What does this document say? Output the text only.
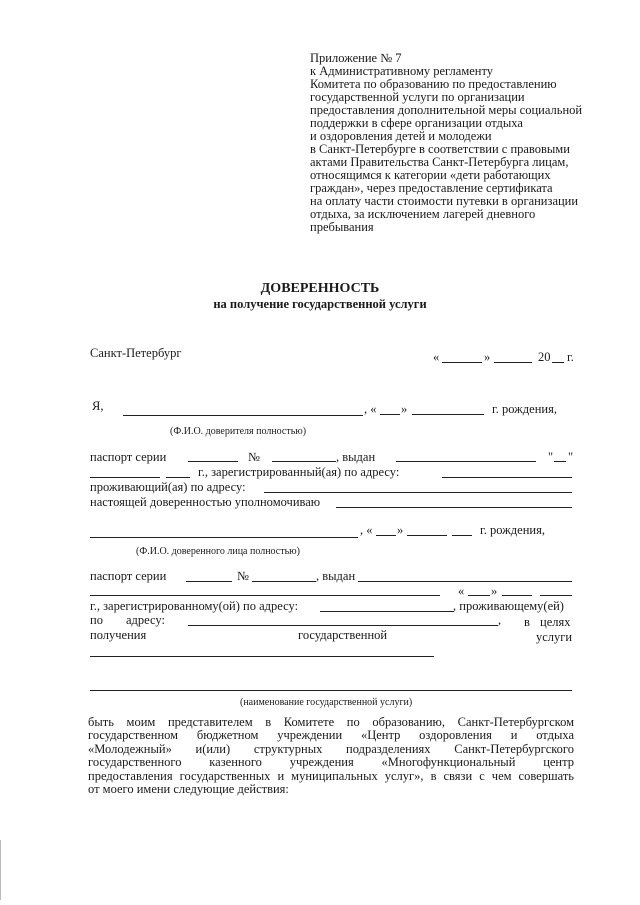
Приложение № 7
к Административному регламенту
Комитета по образованию по предоставлению
государственной услуги по организации
предоставления дополнительной меры социальной
поддержки в сфере организации отдыха
и оздоровления детей и молодежи
в Санкт-Петербурге в соответствии с правовыми
актами Правительства Санкт-Петербурга лицам,
относящимся к категории «дети работающих
граждан», через предоставление сертификата
на оплату части стоимости путевки в организации
отдыха, за исключением лагерей дневного
пребывания
ДОВЕРЕННОСТЬ
на получение государственной услуги
Санкт-Петербург	«	»	20 г.
Я,	, « »	г. рождения,
(Ф.И.О. доверителя полностью)
паспорт серии	№	, выдан	" "
г., зарегистрированный(ая) по адресу:
проживающий(ая) по адресу:
настоящей доверенностью уполномочиваю
, « »	г. рождения,
(Ф.И.О. доверенного лица полностью)
паспорт серии	№	, выдан
« »
г., зарегистрированному(ой) по адресу:	, проживающему(ей)
по адресу:	, в целях
получения	государственной	услуги
(наименование государственной услуги)
быть моим представителем в Комитете по образованию, Санкт-Петербургском
государственном бюджетном учреждении «Центр оздоровления и отдыха
«Молодежный» и(или) структурных подразделениях Санкт-Петербургского
государственного казенного учреждения «Многофункциональный центр
предоставления государственных и муниципальных услуг», в связи с чем совершать
от моего имени следующие действия:
